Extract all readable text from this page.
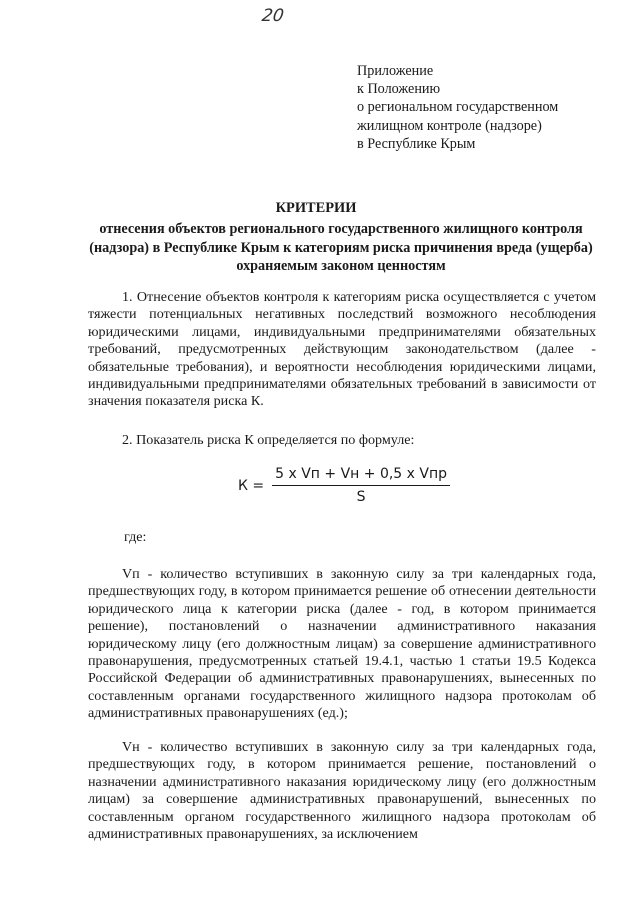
20
Приложение
к Положению
о региональном государственном
жилищном контроле (надзоре)
в Республике Крым
КРИТЕРИИ
отнесения объектов регионального государственного жилищного контроля (надзора) в Республике Крым к категориям риска причинения вреда (ущерба) охраняемым законом ценностям
1. Отнесение объектов контроля к категориям риска осуществляется с учетом тяжести потенциальных негативных последствий возможного несоблюдения юридическими лицами, индивидуальными предпринимателями обязательных требований, предусмотренных действующим законодательством (далее - обязательные требования), и вероятности несоблюдения юридическими лицами, индивидуальными предпринимателями обязательных требований в зависимости от значения показателя риска К.
2. Показатель риска К определяется по формуле:
$К = \frac{\text{5 x Vп + Vн + 0,5 x Vпр}}{S}$
где:
Vп - количество вступивших в законную силу за три календарных года, предшествующих году, в котором принимается решение об отнесении деятельности юридического лица к категории риска (далее - год, в котором принимается решение), постановлений о назначении административного наказания юридическому лицу (его должностным лицам) за совершение административного правонарушения, предусмотренных статьей 19.4.1, частью 1 статьи 19.5 Кодекса Российской Федерации об административных правонарушениях, вынесенных по составленным органами государственного жилищного надзора протоколам об административных правонарушениях (ед.);
Vн - количество вступивших в законную силу за три календарных года, предшествующих году, в котором принимается решение, постановлений о назначении административного наказания юридическому лицу (его должностным лицам) за совершение административных правонарушений, вынесенных по составленным органом государственного жилищного надзора протоколам об административных правонарушениях, за исключением
